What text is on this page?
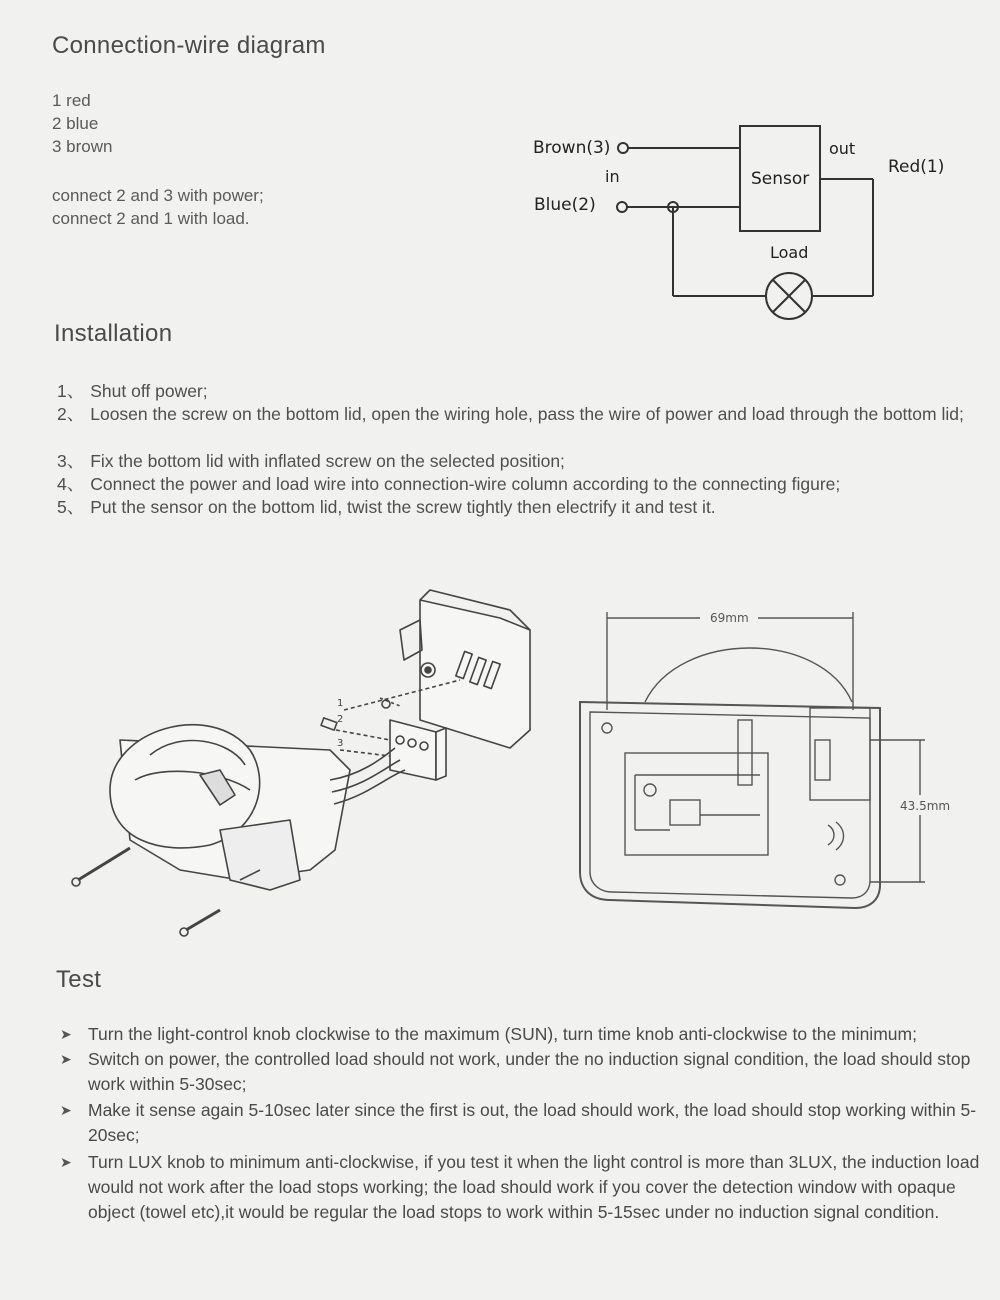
Connection-wire diagram
1 red
2 blue
3 brown
connect 2 and 3 with power;
connect 2 and 1 with load.
Brown(3)
in
Blue(2)
Sensor
out
Red(1)
Load
Installation
1、 Shut off power;
2、 Loosen the screw on the bottom lid, open the wiring hole, pass the wire of power and load through the bottom lid;
3、 Fix the bottom lid with inflated screw on the selected position;
4、 Connect the power and load wire into connection-wire column according to the connecting figure;
5、 Put the sensor on the bottom lid, twist the screw tightly then electrify it and test it.
1
2
3
69mm
43.5mm
Test
➤ Turn the light-control knob clockwise to the maximum (SUN), turn time knob anti-clockwise to the minimum;
➤ Switch on power, the controlled load should not work, under the no induction signal condition, the load should stop work within 5-30sec;
➤ Make it sense again 5-10sec later since the first is out, the load should work, the load should stop working within 5-20sec;
➤ Turn LUX knob to minimum anti-clockwise, if you test it when the light control is more than 3LUX, the induction load would not work after the load stops working; the load should work if you cover the detection window with opaque object (towel etc),it would be regular the load stops to work within 5-15sec under no induction signal condition.
